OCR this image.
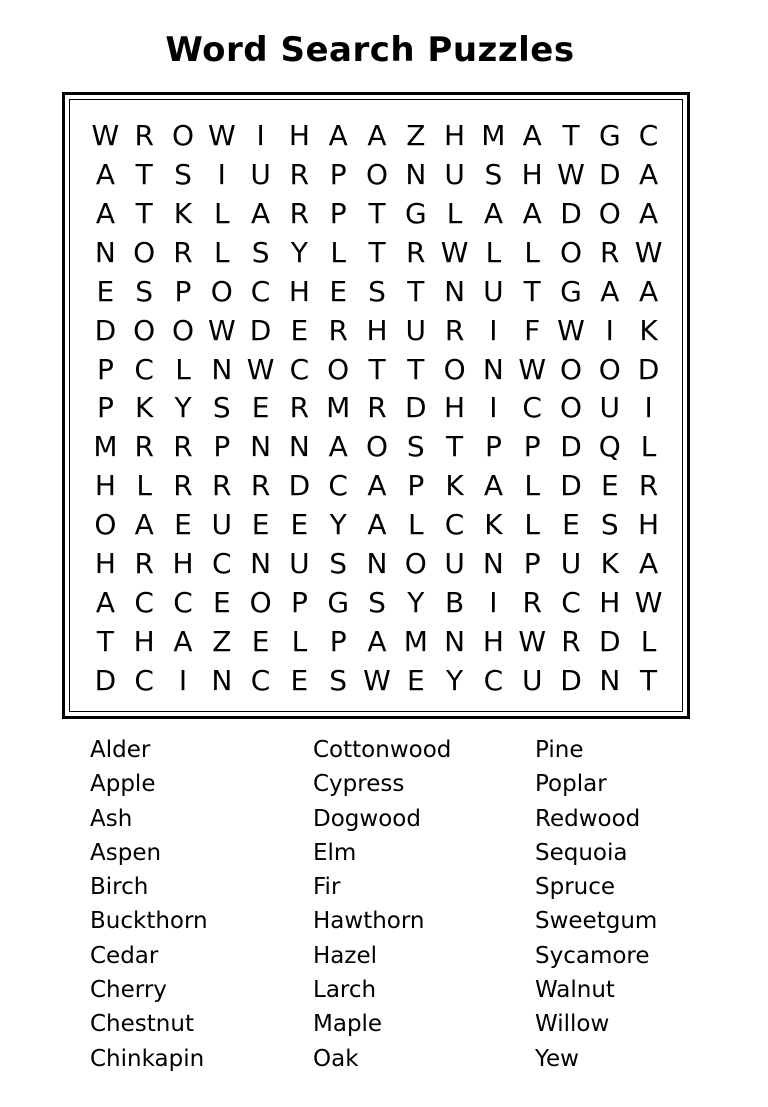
Word Search Puzzles
W R O W I H A A Z H M A T G C
A T S I U R P O N U S H W D A
A T K L A R P T G L A A D O A
N O R L S Y L T R W L L O R W
E S P O C H E S T N U T G A A
D O O W D E R H U R I F W I K
P C L N W C O T T O N W O O D
P K Y S E R M R D H I C O U I
M R R P N N A O S T P P D Q L
H L R R R D C A P K A L D E R
O A E U E E Y A L C K L E S H
H R H C N U S N O U N P U K A
A C C E O P G S Y B I R C H W
T H A Z E L P A M N H W R D L
D C I N C E S W E Y C U D N T
Alder
Apple
Ash
Aspen
Birch
Buckthorn
Cedar
Cherry
Chestnut
Chinkapin
Cottonwood
Cypress
Dogwood
Elm
Fir
Hawthorn
Hazel
Larch
Maple
Oak
Pine
Poplar
Redwood
Sequoia
Spruce
Sweetgum
Sycamore
Walnut
Willow
Yew
